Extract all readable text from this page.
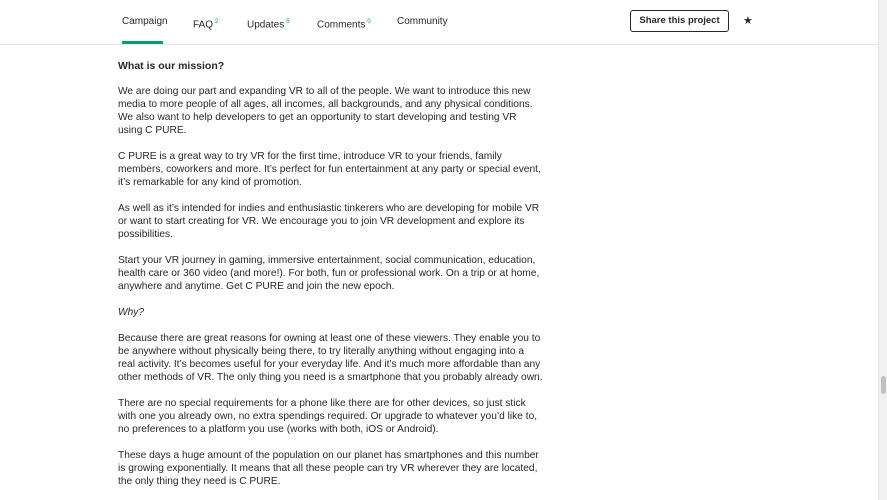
Campaign	FAQ $^2$	Updates $^5$	Comments $^0$	Community	Share this project	★
What is our mission?

We are doing our part and expanding VR to all of the people. We want to introduce this new media to more people of all ages, all incomes, all backgrounds, and any physical conditions. We also want to help developers to get an opportunity to start developing and testing VR using C PURE.

C PURE is a great way to try VR for the first time, introduce VR to your friends, family members, coworkers and more. It’s perfect for fun entertainment at any party or special event, it’s remarkable for any kind of promotion.

As well as it’s intended for indies and enthusiastic tinkerers who are developing for mobile VR or want to start creating for VR. We encourage you to join VR development and explore its possibilities.

Start your VR journey in gaming, immersive entertainment, social communication, education, health care or 360 video (and more!). For both, fun or professional work. On a trip or at home, anywhere and anytime. Get C PURE and join the new epoch.

Why?

Because there are great reasons for owning at least one of these viewers. They enable you to be anywhere without physically being there, to try literally anything without engaging into a real activity. It’s becomes useful for your everyday life. And it’s much more affordable than any other methods of VR. The only thing you need is a smartphone that you probably already own.

There are no special requirements for a phone like there are for other devices, so just stick with one you already own, no extra spendings required. Or upgrade to whatever you’d like to, no preferences to a platform you use (works with both, iOS or Android).

These days a huge amount of the population on our planet has smartphones and this number is growing exponentially. It means that all these people can try VR wherever they are located, the only thing they need is C PURE.
